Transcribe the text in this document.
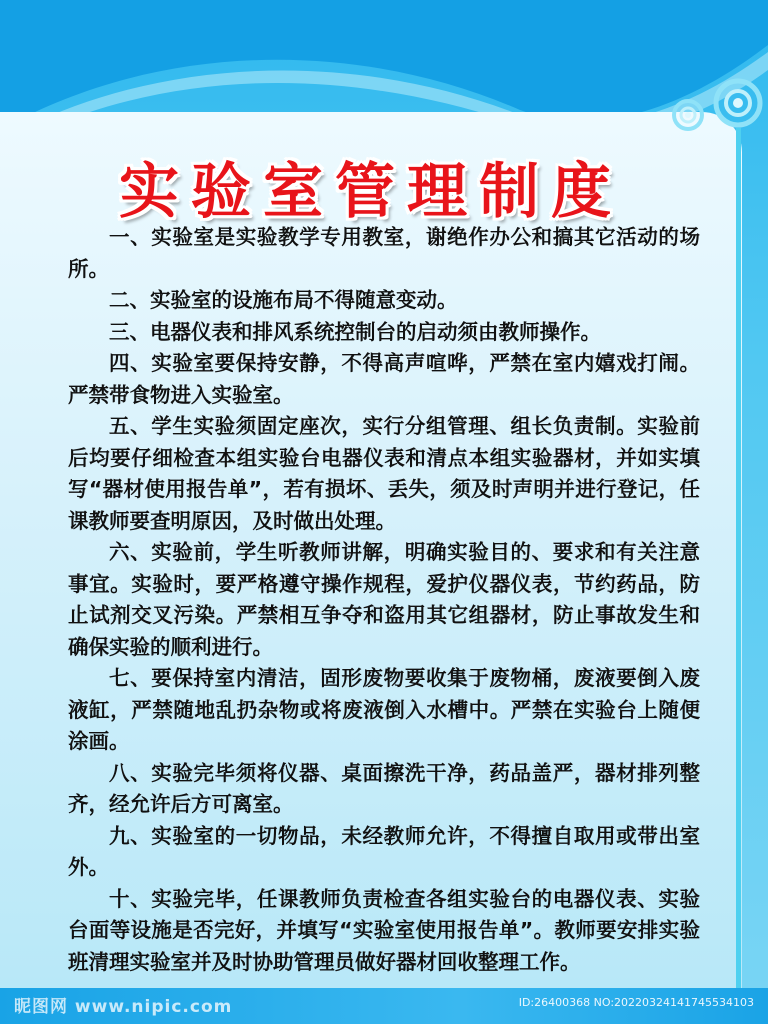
实验室管理制度

一、实验室是实验教学专用教室，谢绝作办公和搞其它活动的场所。

二、实验室的设施布局不得随意变动。

三、电器仪表和排风系统控制台的启动须由教师操作。

四、实验室要保持安静，不得高声喧哗，严禁在室内嬉戏打闹。严禁带食物进入实验室。

五、学生实验须固定座次，实行分组管理、组长负责制。实验前后均要仔细检查本组实验台电器仪表和清点本组实验器材，并如实填写“器材使用报告单”，若有损坏、丢失，须及时声明并进行登记，任课教师要查明原因，及时做出处理。

六、实验前，学生听教师讲解，明确实验目的、要求和有关注意事宜。实验时，要严格遵守操作规程，爱护仪器仪表，节约药品，防止试剂交叉污染。严禁相互争夺和盗用其它组器材，防止事故发生和确保实验的顺利进行。

七、要保持室内清洁，固形废物要收集于废物桶，废液要倒入废液缸，严禁随地乱扔杂物或将废液倒入水槽中。严禁在实验台上随便涂画。

八、实验完毕须将仪器、桌面擦洗干净，药品盖严，器材排列整齐，经允许后方可离室。

九、实验室的一切物品，未经教师允许，不得擅自取用或带出室外。

十、实验完毕，任课教师负责检查各组实验台的电器仪表、实验台面等设施是否完好，并填写“实验室使用报告单”。教师要安排实验班清理实验室并及时协助管理员做好器材回收整理工作。

昵图网 www.nipic.com	ID:26400368 NO:20220324141745534103
